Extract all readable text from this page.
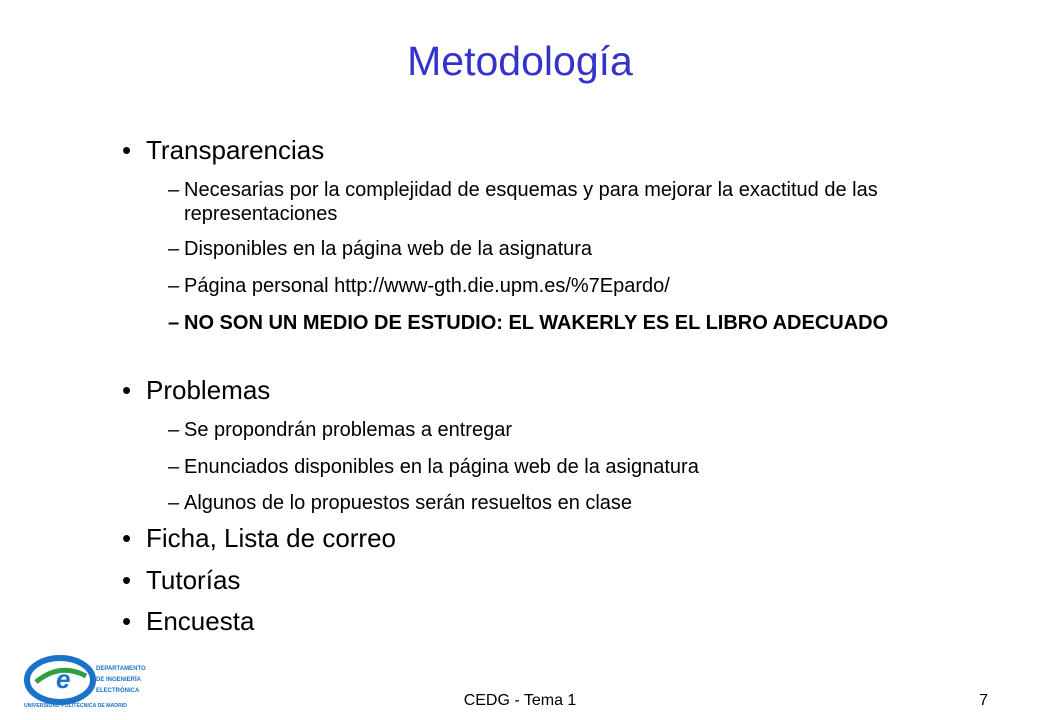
Metodología
• Transparencias
– Necesarias por la complejidad de esquemas y para mejorar la exactitud de las representaciones
– Disponibles en la página web de la asignatura
– Página personal http://www-gth.die.upm.es/%7Epardo/
– NO SON UN MEDIO DE ESTUDIO: EL WAKERLY ES EL LIBRO ADECUADO
• Problemas
– Se propondrán problemas a entregar
– Enunciados disponibles en la página web de la asignatura
– Algunos de lo propuestos serán resueltos en clase
• Ficha, Lista de correo
• Tutorías
• Encuesta
e	DEPARTAMENTO
DE INGENIERÍA
ELECTRÓNICA
UNIVERSIDAD POLITÉCNICA DE MADRID	CEDG - Tema 1	7
